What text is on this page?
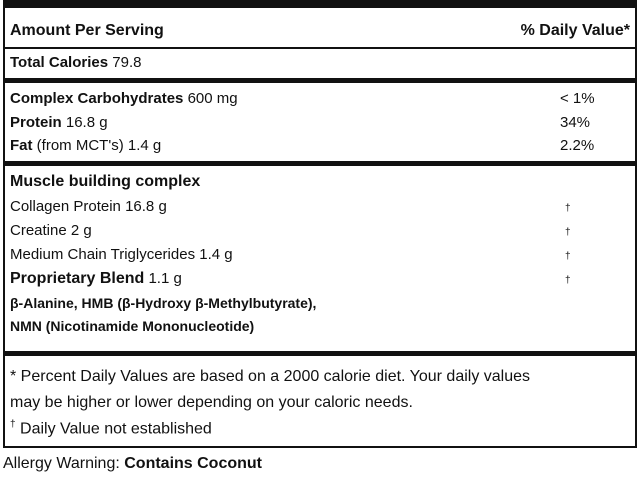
Amount Per Serving	% Daily Value*
Total Calories 79.8
Complex Carbohydrates 600 mg	< 1%
Protein 16.8 g	34%
Fat (from MCT's) 1.4 g	2.2%
Muscle building complex
Collagen Protein 16.8 g	†
Creatine 2 g	†
Medium Chain Triglycerides 1.4 g	†
Proprietary Blend 1.1 g	†
β-Alanine, HMB (β-Hydroxy β-Methylbutyrate),
NMN (Nicotinamide Mononucleotide)
* Percent Daily Values are based on a 2000 calorie diet. Your daily values
may be higher or lower depending on your caloric needs.
† Daily Value not established
Allergy Warning: Contains Coconut
